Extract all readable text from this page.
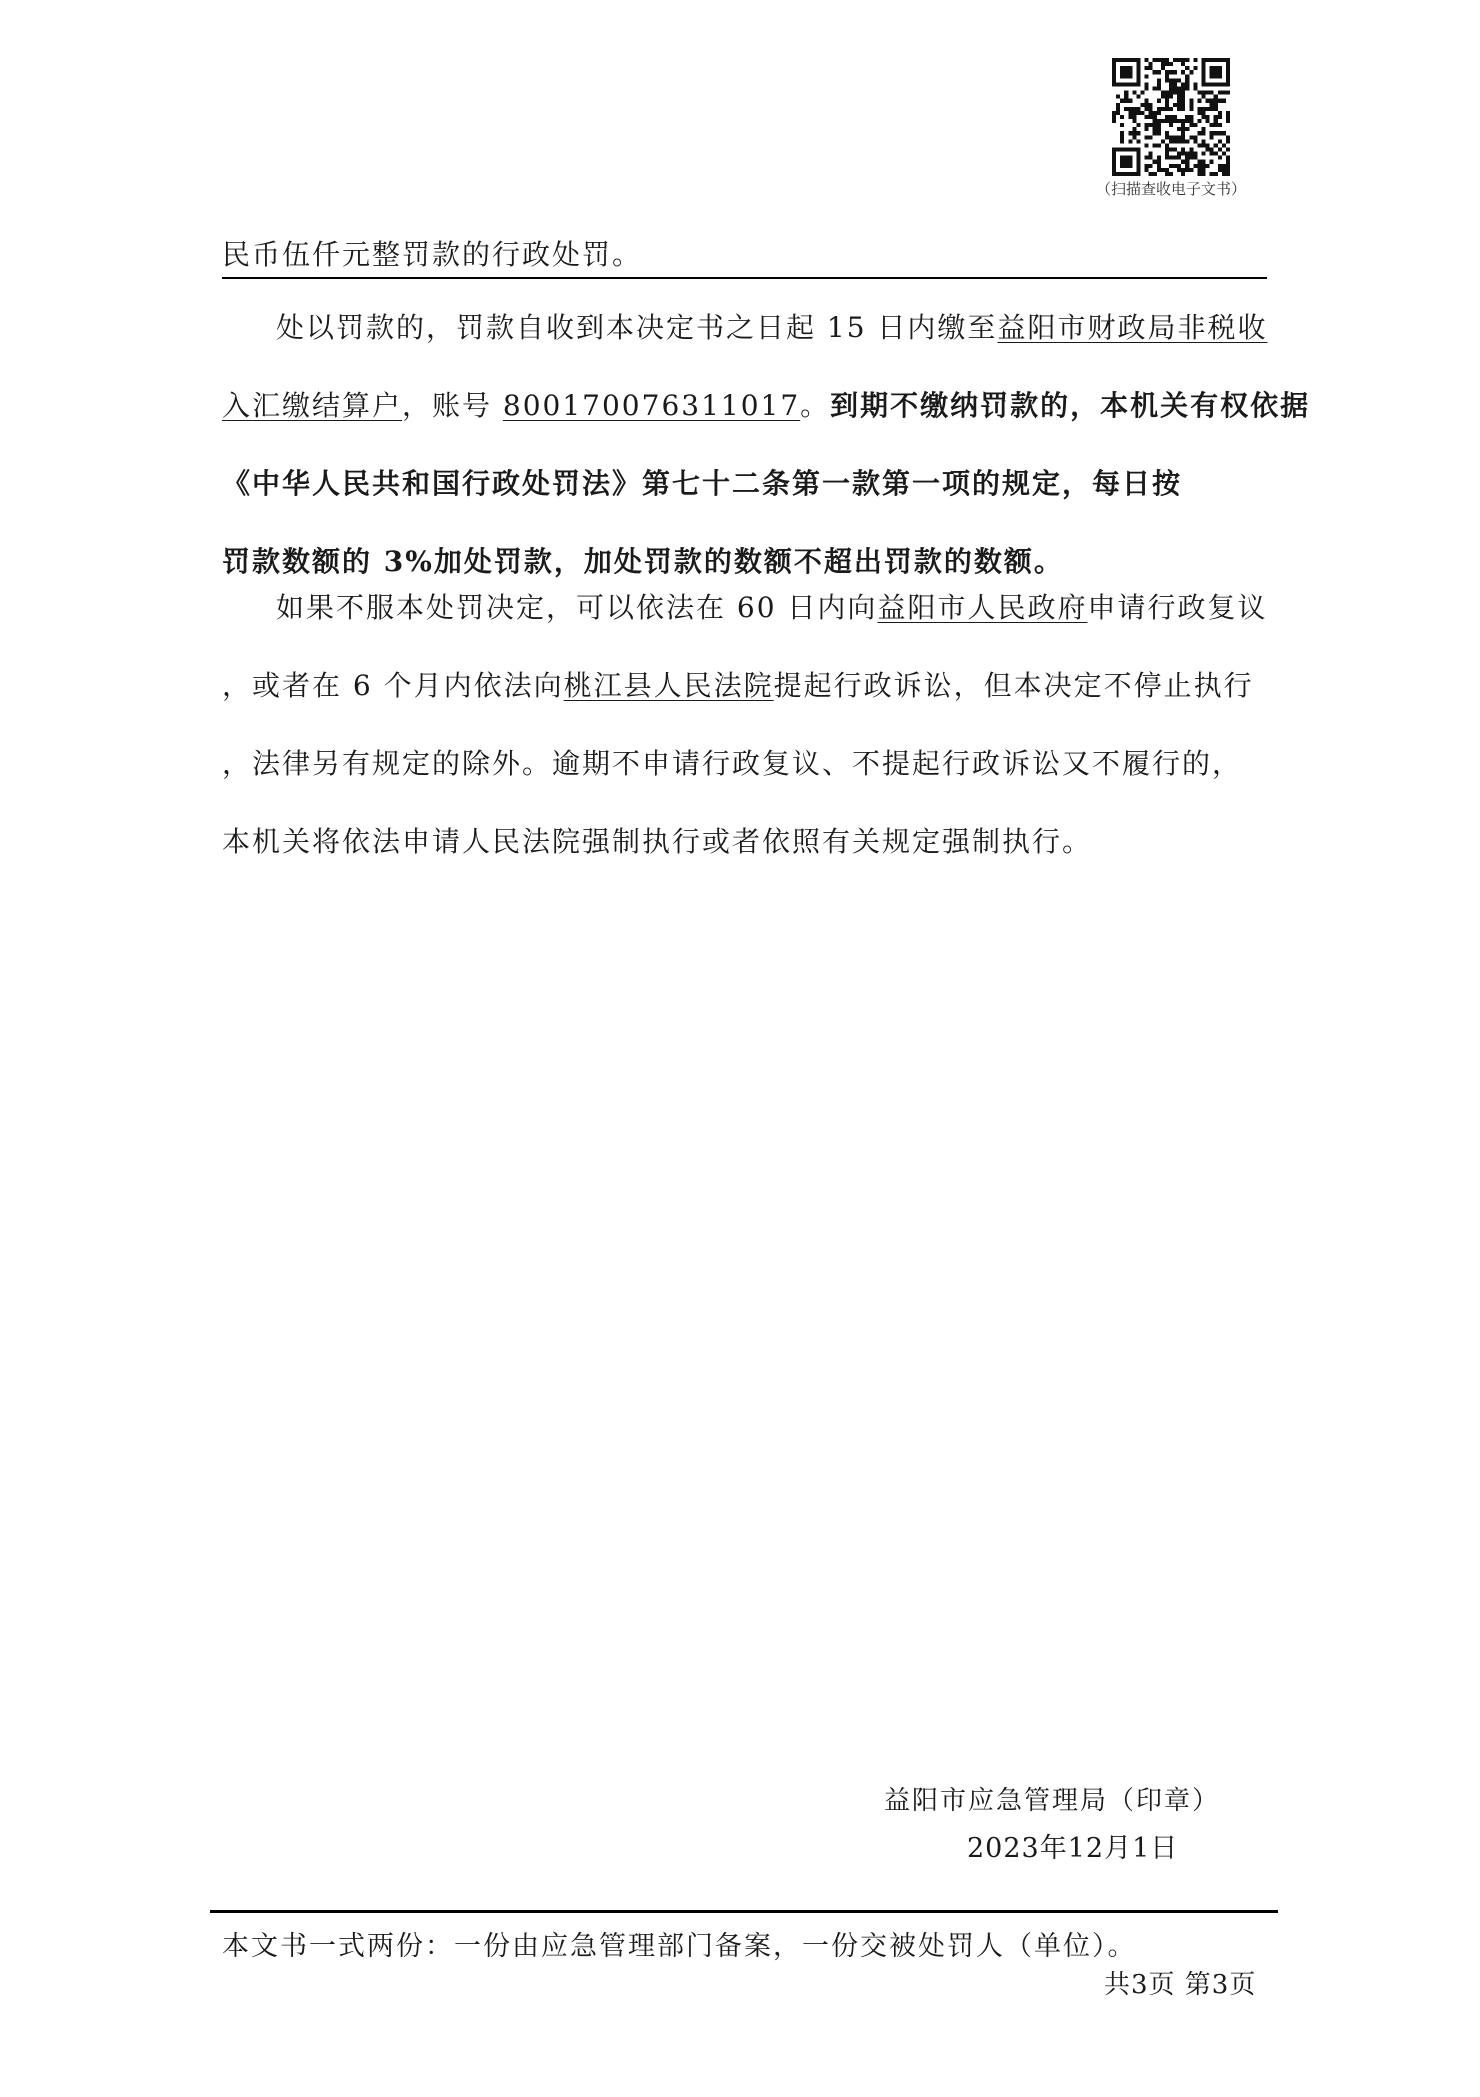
（扫描查收电子文书）
民币伍仟元整罚款的行政处罚。
处以罚款的，罚款自收到本决定书之日起 15 日内缴至益阳市财政局非税收
入汇缴结算户，账号 800170076311017。到期不缴纳罚款的，本机关有权依据
《中华人民共和国行政处罚法》第七十二条第一款第一项的规定，每日按
罚款数额的 3%加处罚款，加处罚款的数额不超出罚款的数额。
如果不服本处罚决定，可以依法在 60 日内向益阳市人民政府申请行政复议
，或者在 6 个月内依法向桃江县人民法院提起行政诉讼，但本决定不停止执行
，法律另有规定的除外。逾期不申请行政复议、不提起行政诉讼又不履行的，
本机关将依法申请人民法院强制执行或者依照有关规定强制执行。
益阳市应急管理局（印章）
2023年12月1日
本文书一式两份：一份由应急管理部门备案，一份交被处罚人（单位）。
共3页 第3页
